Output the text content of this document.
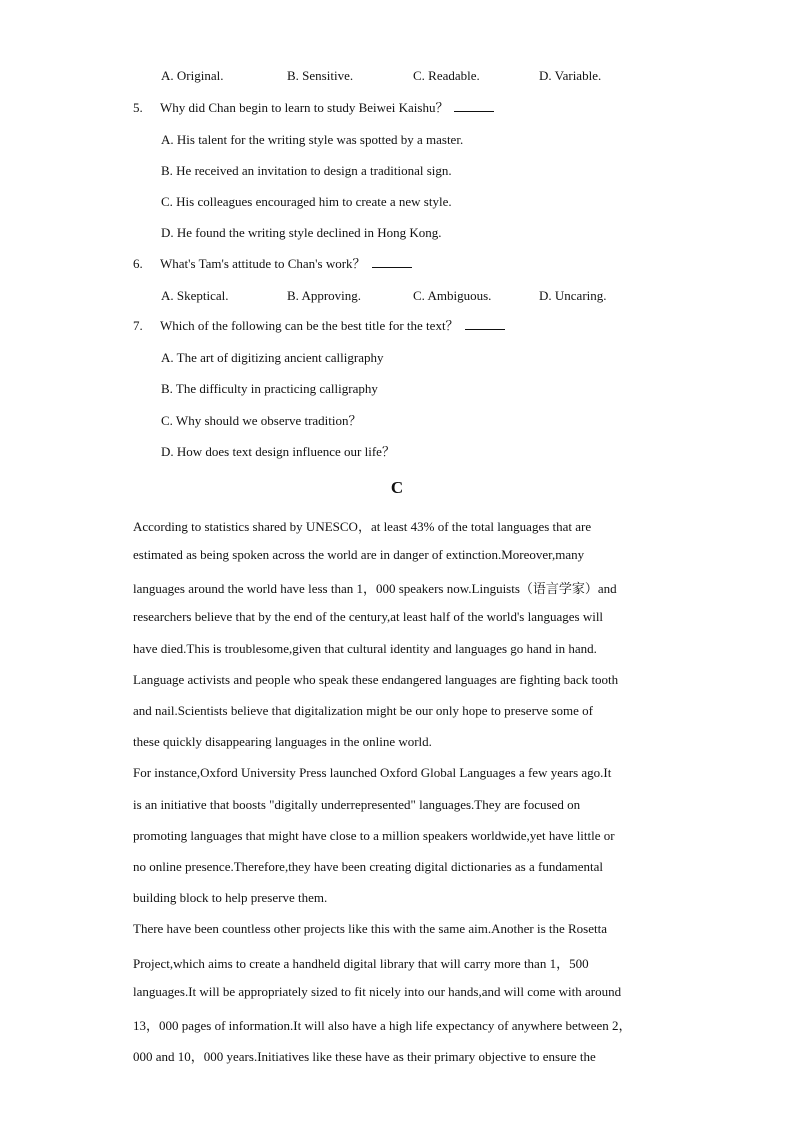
A. Original.	B. Sensitive.	C. Readable.	D. Variable.
5. Why did Chan begin to learn to study Beiwei Kaishu？
A. His talent for the writing style was spotted by a master.
B. He received an invitation to design a traditional sign.
C. His colleagues encouraged him to create a new style.
D. He found the writing style declined in Hong Kong.
6. What's Tam's attitude to Chan's work？
A. Skeptical.	B. Approving.	C. Ambiguous.	D. Uncaring.
7. Which of the following can be the best title for the text？
A. The art of digitizing ancient calligraphy
B. The difficulty in practicing calligraphy
C. Why should we observe tradition？
D. How does text design influence our life？
C
According to statistics shared by UNESCO，at least 43% of the total languages that are
estimated as being spoken across the world are in danger of extinction.Moreover,many
languages around the world have less than 1，000 speakers now.Linguists（语言学家）and
researchers believe that by the end of the century,at least half of the world's languages will
have died.This is troublesome,given that cultural identity and languages go hand in hand.
Language activists and people who speak these endangered languages are fighting back tooth
and nail.Scientists believe that digitalization might be our only hope to preserve some of
these quickly disappearing languages in the online world.
For instance,Oxford University Press launched Oxford Global Languages a few years ago.It
is an initiative that boosts "digitally underrepresented" languages.They are focused on
promoting languages that might have close to a million speakers worldwide,yet have little or
no online presence.Therefore,they have been creating digital dictionaries as a fundamental
building block to help preserve them.
There have been countless other projects like this with the same aim.Another is the Rosetta
Project,which aims to create a handheld digital library that will carry more than 1，500
languages.It will be appropriately sized to fit nicely into our hands,and will come with around
13，000 pages of information.It will also have a high life expectancy of anywhere between 2，
000 and 10，000 years.Initiatives like these have as their primary objective to ensure the
